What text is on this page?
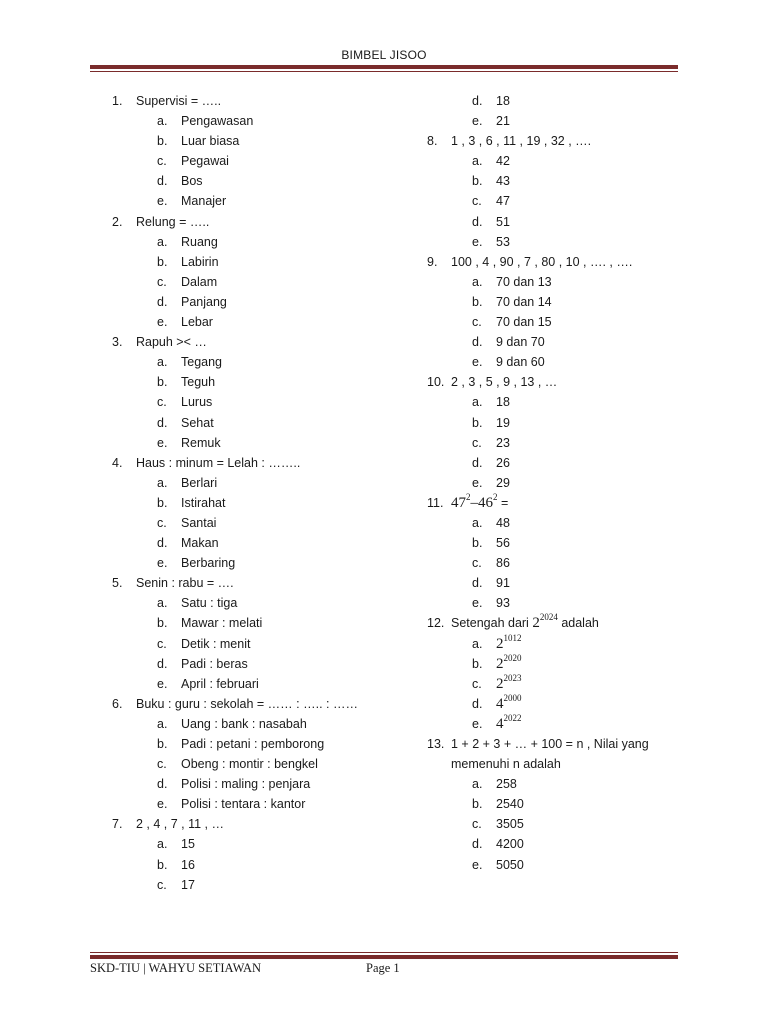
BIMBEL JISOO
1. Supervisi = …..
a. Pengawasan
b. Luar biasa
c. Pegawai
d. Bos
e. Manajer
2. Relung = …..
a. Ruang
b. Labirin
c. Dalam
d. Panjang
e. Lebar
3. Rapuh >< …
a. Tegang
b. Teguh
c. Lurus
d. Sehat
e. Remuk
4. Haus : minum = Lelah : ……..
a. Berlari
b. Istirahat
c. Santai
d. Makan
e. Berbaring
5. Senin : rabu = ….
a. Satu : tiga
b. Mawar : melati
c. Detik : menit
d. Padi : beras
e. April : februari
6. Buku : guru : sekolah = …… : ….. : ……
a. Uang : bank : nasabah
b. Padi : petani : pemborong
c. Obeng : montir : bengkel
d. Polisi : maling : penjara
e. Polisi : tentara : kantor
7. 2 , 4 , 7 , 11 , …
a. 15
b. 16
c. 17
d. 18
e. 21
8. 1 , 3 , 6 , 11 , 19 , 32 , ….
a. 42
b. 43
c. 47
d. 51
e. 53
9. 100 , 4 , 90 , 7 , 80 , 10 , …. , ….
a. 70 dan 13
b. 70 dan 14
c. 70 dan 15
d. 9 dan 70
e. 9 dan 60
10. 2 , 3 , 5 , 9 , 13 , …
a. 18
b. 19
c. 23
d. 26
e. 29
11. $47^2-46^2$ =
a. 48
b. 56
c. 86
d. 91
e. 93
12. Setengah dari $2^{2024}$ adalah
a. $2^{1012}$
b. $2^{2020}$
c. $2^{2023}$
d. $4^{2000}$
e. $4^{2022}$
13. 1 + 2 + 3 + … + 100 = n , Nilai yang memenuhi n adalah
a. 258
b. 2540
c. 3505
d. 4200
e. 5050
SKD-TIU | WAHYU SETIAWAN	Page 1
